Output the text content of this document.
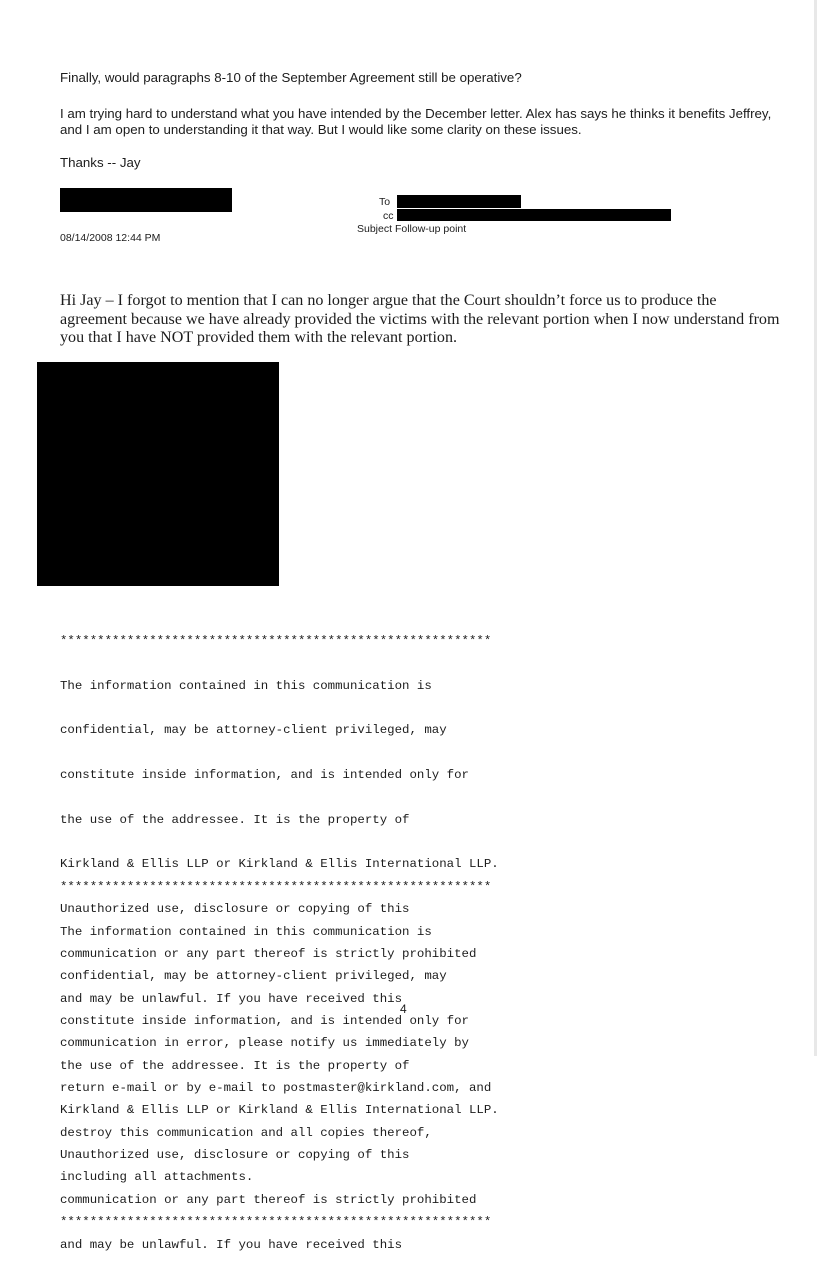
Finally, would paragraphs 8-10 of the September Agreement still be operative?
I am trying hard to understand what you have intended by the December letter. Alex has says he thinks it benefits Jeffrey,
and I am open to understanding it that way. But I would like some clarity on these issues.
Thanks -- Jay
08/14/2008 12:44 PM
To
cc
Subject Follow-up point
Hi Jay – I forgot to mention that I can no longer argue that the Court shouldn’t force us to produce the
agreement because we have already provided the victims with the relevant portion when I now understand from
you that I have NOT provided them with the relevant portion.

**********************************************************

The information contained in this communication is

confidential, may be attorney-client privileged, may

constitute inside information, and is intended only for

the use of the addressee. It is the property of

Kirkland & Ellis LLP or Kirkland & Ellis International LLP.

Unauthorized use, disclosure or copying of this

communication or any part thereof is strictly prohibited

and may be unlawful. If you have received this

communication in error, please notify us immediately by

return e-mail or by e-mail to postmaster@kirkland.com, and

destroy this communication and all copies thereof,

including all attachments.

**********************************************************

**********************************************************

The information contained in this communication is

confidential, may be attorney-client privileged, may

constitute inside information, and is intended only for

the use of the addressee. It is the property of

Kirkland & Ellis LLP or Kirkland & Ellis International LLP.

Unauthorized use, disclosure or copying of this

communication or any part thereof is strictly prohibited

and may be unlawful. If you have received this

4
